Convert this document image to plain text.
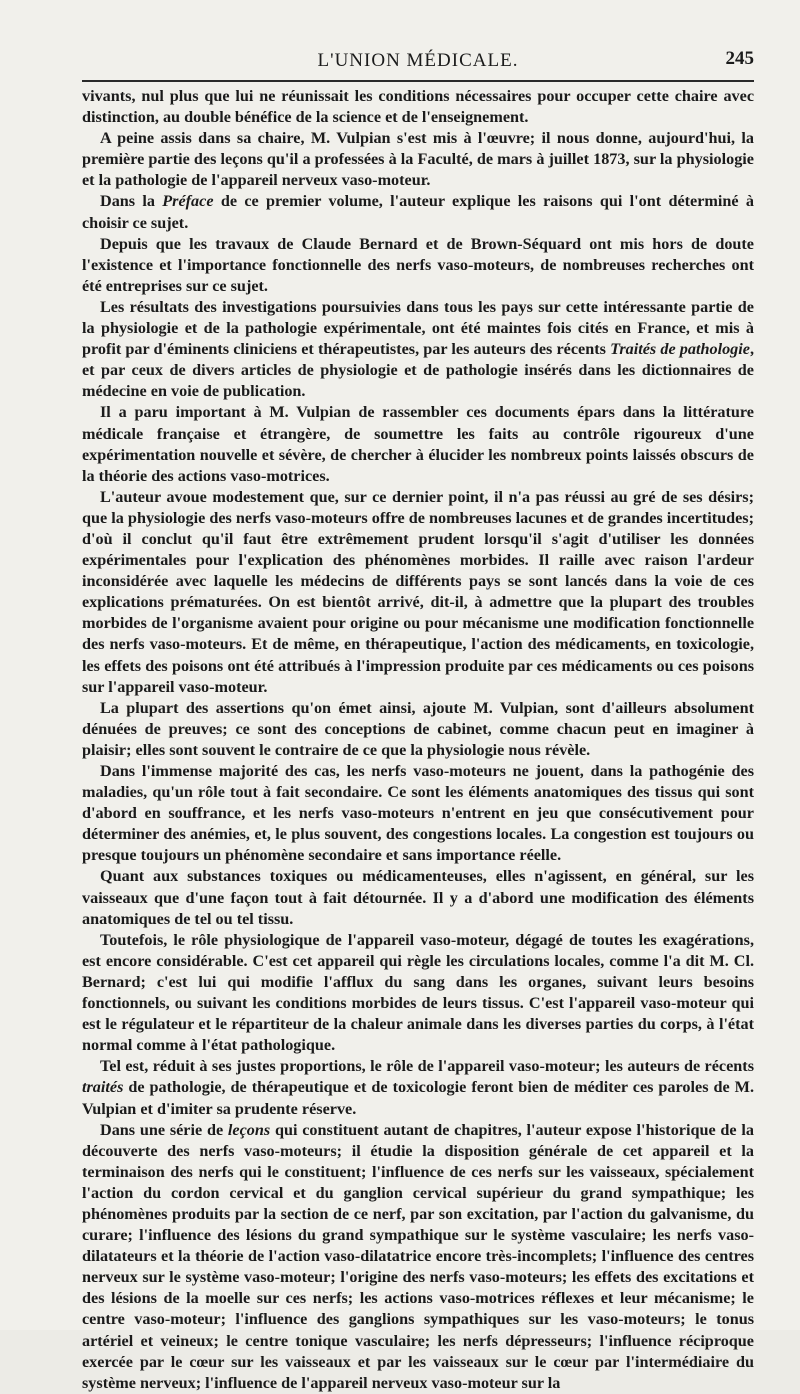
L'UNION MÉDICALE.	245

vivants, nul plus que lui ne réunissait les conditions nécessaires pour occuper cette chaire avec distinction, au double bénéfice de la science et de l'enseignement.

A peine assis dans sa chaire, M. Vulpian s'est mis à l'œuvre; il nous donne, aujourd'hui, la première partie des leçons qu'il a professées à la Faculté, de mars à juillet 1873, sur la physiologie et la pathologie de l'appareil nerveux vaso-moteur.

Dans la Préface de ce premier volume, l'auteur explique les raisons qui l'ont déterminé à choisir ce sujet.

Depuis que les travaux de Claude Bernard et de Brown-Séquard ont mis hors de doute l'existence et l'importance fonctionnelle des nerfs vaso-moteurs, de nombreuses recherches ont été entreprises sur ce sujet.

Les résultats des investigations poursuivies dans tous les pays sur cette intéressante partie de la physiologie et de la pathologie expérimentale, ont été maintes fois cités en France, et mis à profit par d'éminents cliniciens et thérapeutistes, par les auteurs des récents Traités de pathologie, et par ceux de divers articles de physiologie et de pathologie insérés dans les dictionnaires de médecine en voie de publication.

Il a paru important à M. Vulpian de rassembler ces documents épars dans la littérature médicale française et étrangère, de soumettre les faits au contrôle rigoureux d'une expérimentation nouvelle et sévère, de chercher à élucider les nombreux points laissés obscurs de la théorie des actions vaso-motrices.

L'auteur avoue modestement que, sur ce dernier point, il n'a pas réussi au gré de ses désirs; que la physiologie des nerfs vaso-moteurs offre de nombreuses lacunes et de grandes incertitudes; d'où il conclut qu'il faut être extrêmement prudent lorsqu'il s'agit d'utiliser les données expérimentales pour l'explication des phénomènes morbides. Il raille avec raison l'ardeur inconsidérée avec laquelle les médecins de différents pays se sont lancés dans la voie de ces explications prématurées. On est bientôt arrivé, dit-il, à admettre que la plupart des troubles morbides de l'organisme avaient pour origine ou pour mécanisme une modification fonctionnelle des nerfs vaso-moteurs. Et de même, en thérapeutique, l'action des médicaments, en toxicologie, les effets des poisons ont été attribués à l'impression produite par ces médicaments ou ces poisons sur l'appareil vaso-moteur.

La plupart des assertions qu'on émet ainsi, ajoute M. Vulpian, sont d'ailleurs absolument dénuées de preuves; ce sont des conceptions de cabinet, comme chacun peut en imaginer à plaisir; elles sont souvent le contraire de ce que la physiologie nous révèle.

Dans l'immense majorité des cas, les nerfs vaso-moteurs ne jouent, dans la pathogénie des maladies, qu'un rôle tout à fait secondaire. Ce sont les éléments anatomiques des tissus qui sont d'abord en souffrance, et les nerfs vaso-moteurs n'entrent en jeu que consécutivement pour déterminer des anémies, et, le plus souvent, des congestions locales. La congestion est toujours ou presque toujours un phénomène secondaire et sans importance réelle.

Quant aux substances toxiques ou médicamenteuses, elles n'agissent, en général, sur les vaisseaux que d'une façon tout à fait détournée. Il y a d'abord une modification des éléments anatomiques de tel ou tel tissu.

Toutefois, le rôle physiologique de l'appareil vaso-moteur, dégagé de toutes les exagérations, est encore considérable. C'est cet appareil qui règle les circulations locales, comme l'a dit M. Cl. Bernard; c'est lui qui modifie l'afflux du sang dans les organes, suivant leurs besoins fonctionnels, ou suivant les conditions morbides de leurs tissus. C'est l'appareil vaso-moteur qui est le régulateur et le répartiteur de la chaleur animale dans les diverses parties du corps, à l'état normal comme à l'état pathologique.

Tel est, réduit à ses justes proportions, le rôle de l'appareil vaso-moteur; les auteurs de récents traités de pathologie, de thérapeutique et de toxicologie feront bien de méditer ces paroles de M. Vulpian et d'imiter sa prudente réserve.

Dans une série de leçons qui constituent autant de chapitres, l'auteur expose l'historique de la découverte des nerfs vaso-moteurs; il étudie la disposition générale de cet appareil et la terminaison des nerfs qui le constituent; l'influence de ces nerfs sur les vaisseaux, spécialement l'action du cordon cervical et du ganglion cervical supérieur du grand sympathique; les phénomènes produits par la section de ce nerf, par son excitation, par l'action du galvanisme, du curare; l'influence des lésions du grand sympathique sur le système vasculaire; les nerfs vaso-dilatateurs et la théorie de l'action vaso-dilatatrice encore très-incomplets; l'influence des centres nerveux sur le système vaso-moteur; l'origine des nerfs vaso-moteurs; les effets des excitations et des lésions de la moelle sur ces nerfs; les actions vaso-motrices réflexes et leur mécanisme; le centre vaso-moteur; l'influence des ganglions sympathiques sur les vaso-moteurs; le tonus artériel et veineux; le centre tonique vasculaire; les nerfs dépresseurs; l'influence réciproque exercée par le cœur sur les vaisseaux et par les vaisseaux sur le cœur par l'intermédiaire du système nerveux; l'influence de l'appareil nerveux vaso-moteur sur la
